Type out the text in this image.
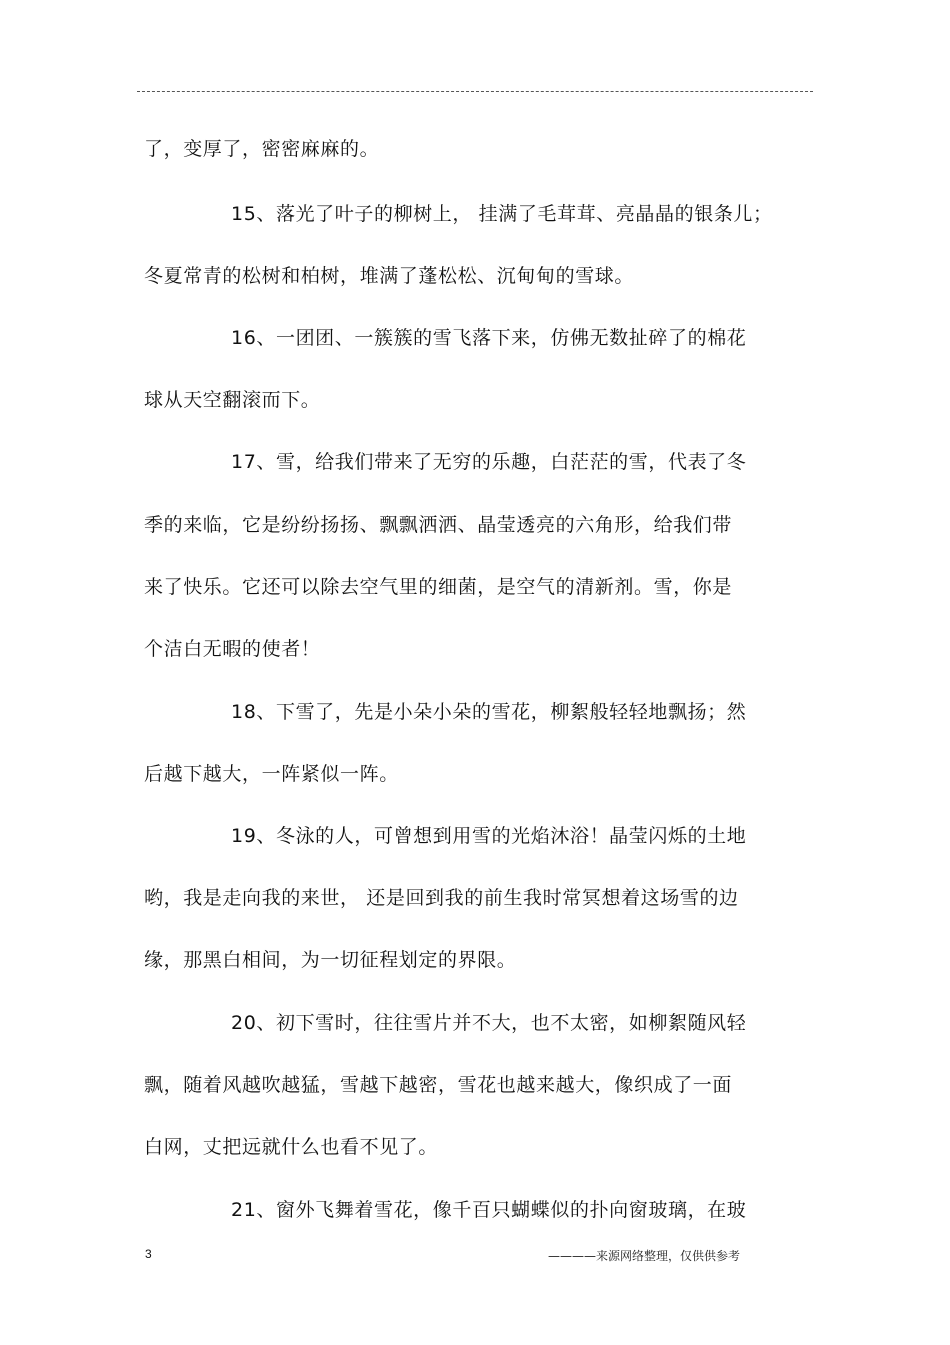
了，变厚了，密密麻麻的。
15、落光了叶子的柳树上， 挂满了毛茸茸、亮晶晶的银条儿；
冬夏常青的松树和柏树，堆满了蓬松松、沉甸甸的雪球。
16、一团团、一簇簇的雪飞落下来，仿佛无数扯碎了的棉花
球从天空翻滚而下。
17、雪，给我们带来了无穷的乐趣，白茫茫的雪，代表了冬
季的来临，它是纷纷扬扬、飘飘洒洒、晶莹透亮的六角形，给我们带
来了快乐。它还可以除去空气里的细菌，是空气的清新剂。雪，你是
个洁白无暇的使者！
18、下雪了，先是小朵小朵的雪花，柳絮般轻轻地飘扬；然
后越下越大，一阵紧似一阵。
19、冬泳的人，可曾想到用雪的光焰沐浴！晶莹闪烁的土地
哟，我是走向我的来世， 还是回到我的前生我时常冥想着这场雪的边
缘，那黑白相间，为一切征程划定的界限。
20、初下雪时，往往雪片并不大，也不太密，如柳絮随风轻
飘，随着风越吹越猛，雪越下越密，雪花也越来越大，像织成了一面
白网，丈把远就什么也看不见了。
21、窗外飞舞着雪花，像千百只蝴蝶似的扑向窗玻璃，在玻
3	————来源网络整理，仅供供参考
